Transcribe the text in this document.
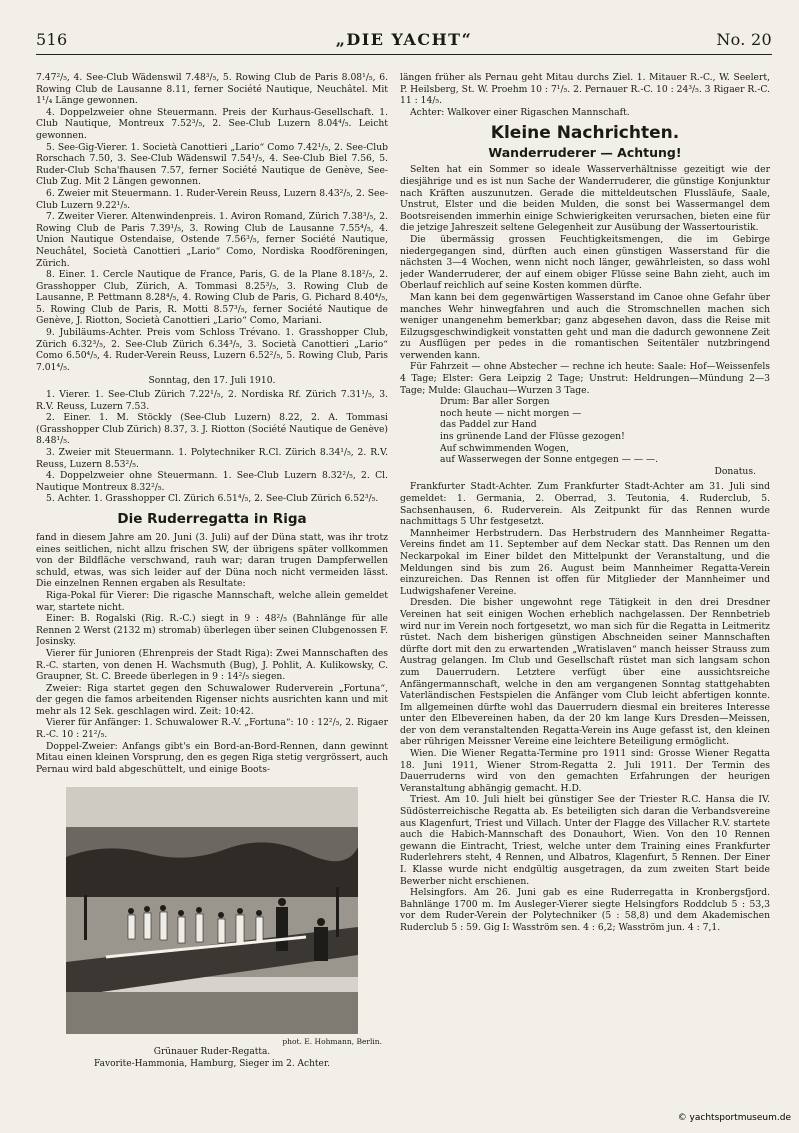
516	„DIE YACHT“	No. 20

7.47²/₅, 4. See-Club Wädenswil 7.48³/₅, 5. Rowing Club de Paris 8.08¹/₅, 6. Rowing Club de Lausanne 8.11, ferner Société Nautique, Neuchâtel. Mit 1¹/₄ Länge gewonnen.

4. Doppelzweier ohne Steuermann. Preis der Kurhaus-Gesellschaft. 1. Club Nautique, Montreux 7.52³/₅, 2. See-Club Luzern 8.04⁴/₅. Leicht gewonnen.

5. See-Gig-Vierer. 1. Società Canottieri „Lario“ Como 7.42¹/₅, 2. See-Club Rorschach 7.50, 3. See-Club Wädenswil 7.54¹/₅, 4. See-Club Biel 7.56, 5. Ruder-Club Scha'fhausen 7.57, ferner Société Nautique de Genève, See-Club Zug. Mit 2 Längen gewonnen.

6. Zweier mit Steuermann. 1. Ruder-Verein Reuss, Luzern 8.43²/₅, 2. See-Club Luzern 9.22¹/₅.

7. Zweiter Vierer. Altenwindenpreis. 1. Aviron Romand, Zürich 7.38³/₅, 2. Rowing Club de Paris 7.39¹/₅, 3. Rowing Club de Lausanne 7.55⁴/₅, 4. Union Nautique Ostendaise, Ostende 7.56³/₅, ferner Société Nautique, Neuchâtel, Società Canottieri „Lario“ Como, Nordiska Roodföreningen, Zürich.

8. Einer. 1. Cercle Nautique de France, Paris, G. de la Plane 8.18²/₅, 2. Grasshopper Club, Zürich, A. Tommasi 8.25³/₅, 3. Rowing Club de Lausanne, P. Pettmann 8.28⁴/₅, 4. Rowing Club de Paris, G. Pichard 8.40⁴/₅, 5. Rowing Club de Paris, R. Motti 8.57³/₅, ferner Société Nautique de Genève, J. Riotton, Società Canottieri „Lario“ Como, Mariani.

9. Jubiläums-Achter. Preis vom Schloss Trévano. 1. Grasshopper Club, Zürich 6.32³/₅, 2. See-Club Zürich 6.34³/₅, 3. Società Canottieri „Lario“ Como 6.50⁴/₅, 4. Ruder-Verein Reuss, Luzern 6.52²/₅, 5. Rowing Club, Paris 7.01⁴/₅.

Sonntag, den 17. Juli 1910.

1. Vierer. 1. See-Club Zürich 7.22¹/₅, 2. Nordiska Rf. Zürich 7.31¹/₅, 3. R.V. Reuss, Luzern 7.53.

2. Einer. 1. M. Stöckly (See-Club Luzern) 8.22, 2. A. Tommasi (Grasshopper Club Zürich) 8.37, 3. J. Riotton (Société Nautique de Genève) 8.48¹/₅.

3. Zweier mit Steuermann. 1. Polytechniker R.Cl. Zürich 8.34¹/₅, 2. R.V. Reuss, Luzern 8.53²/₅.

4. Doppelzweier ohne Steuermann. 1. See-Club Luzern 8.32²/₅, 2. Cl. Nautique Montreux 8.32²/₅.

5. Achter. 1. Grasshopper Cl. Zürich 6.51⁴/₅, 2. See-Club Zürich 6.52³/₅.

Die Ruderregatta in Riga

fand in diesem Jahre am 20. Juni (3. Juli) auf der Düna statt, was ihr trotz eines seitlichen, nicht allzu frischen SW, der übrigens später vollkommen von der Bildfläche verschwand, rauh war; daran trugen Dampferwellen schuld, etwas, was sich leider auf der Düna noch nicht vermeiden lässt. Die einzelnen Rennen ergaben als Resultate:

Riga-Pokal für Vierer: Die rigasche Mannschaft, welche allein gemeldet war, startete nicht.

Einer: B. Rogalski (Rig. R.-C.) siegt in 9 : 48²/₅ (Bahnlänge für alle Rennen 2 Werst (2132 m) stromab) überlegen über seinen Clubgenossen F. Josinsky.

Vierer für Junioren (Ehrenpreis der Stadt Riga): Zwei Mannschaften des R.-C. starten, von denen H. Wachsmuth (Bug), J. Pohlit, A. Kulikowsky, C. Graupner, St. C. Breede überlegen in 9 : 14²/₅ siegen.

Zweier: Riga startet gegen den Schuwalower Ruderverein „Fortuna“, der gegen die famos arbeitenden Rigenser nichts ausrichten kann und mit mehr als 12 Sek. geschlagen wird. Zeit: 10:42.

Vierer für Anfänger: 1. Schuwalower R.-V. „Fortuna“: 10 : 12²/₅, 2. Rigaer R.-C. 10 : 21²/₅.

Doppel-Zweier: Anfangs gibt's ein Bord-an-Bord-Rennen, dann gewinnt Mitau einen kleinen Vorsprung, den es gegen Riga stetig vergrössert, auch Pernau wird bald abgeschüttelt, und einige Boots-

phot. E. Hohmann, Berlin.
Grünauer Ruder-Regatta.
Favorite-Hammonia, Hamburg, Sieger im 2. Achter.

längen früher als Pernau geht Mitau durchs Ziel. 1. Mitauer R.-C., W. Seelert, P. Heilsberg, St. W. Proehm 10 : 7¹/₅. 2. Pernauer R.-C. 10 : 24³/₅. 3 Rigaer R.-C. 11 : 14/₅.

Achter: Walkover einer Rigaschen Mannschaft.

Kleine Nachrichten.
Wanderruderer — Achtung!

Selten hat ein Sommer so ideale Wasserverhältnisse gezeitigt wie der diesjährige und es ist nun Sache der Wanderruderer, die günstige Konjunktur nach Kräften auszunutzen. Gerade die mitteldeutschen Flussläufe, Saale, Unstrut, Elster und die beiden Mulden, die sonst bei Wassermangel dem Bootsreisenden immerhin einige Schwierigkeiten verursachen, bieten eine für die jetzige Jahreszeit seltene Gelegenheit zur Ausübung der Wassertouristik.

Die übermässig grossen Feuchtigkeitsmengen, die im Gebirge niedergegangen sind, dürften auch einen günstigen Wasserstand für die nächsten 3—4 Wochen, wenn nicht noch länger, gewährleisten, so dass wohl jeder Wanderruderer, der auf einem obiger Flüsse seine Bahn zieht, auch im Oberlauf reichlich auf seine Kosten kommen dürfte.

Man kann bei dem gegenwärtigen Wasserstand im Canoe ohne Gefahr über manches Wehr hinwegfahren und auch die Stromschnellen machen sich weniger unangenehm bemerkbar; ganz abgesehen davon, dass die Reise mit Eilzugsgeschwindigkeit vonstatten geht und man die dadurch gewonnene Zeit zu Ausflügen per pedes in die romantischen Seitentäler nutzbringend verwenden kann.

Für Fahrzeit — ohne Abstecher — rechne ich heute: Saale: Hof—Weissenfels 4 Tage; Elster: Gera Leipzig 2 Tage; Unstrut: Heldrungen—Mündung 2—3 Tage; Mulde: Glauchau—Wurzen 3 Tage.

Drum: Bar aller Sorgen
noch heute — nicht morgen —
das Paddel zur Hand
ins grünende Land der Flüsse gezogen!
Auf schwimmenden Wogen,
auf Wasserwegen der Sonne entgegen — — —.
Donatus.

Frankfurter Stadt-Achter. Zum Frankfurter Stadt-Achter am 31. Juli sind gemeldet: 1. Germania, 2. Oberrad, 3. Teutonia, 4. Ruderclub, 5. Sachsenhausen, 6. Ruderverein. Als Zeitpunkt für das Rennen wurde nachmittags 5 Uhr festgesetzt.

Mannheimer Herbstrudern. Das Herbstrudern des Mannheimer Regatta-Vereins findet am 11. September auf dem Neckar statt. Das Rennen um den Neckarpokal im Einer bildet den Mittelpunkt der Veranstaltung, und die Meldungen sind bis zum 26. August beim Mannheimer Regatta-Verein einzureichen. Das Rennen ist offen für Mitglieder der Mannheimer und Ludwigshafener Vereine.

Dresden. Die bisher ungewohnt rege Tätigkeit in den drei Dresdner Vereinen hat seit einigen Wochen erheblich nachgelassen. Der Rennbetrieb wird nur im Verein noch fortgesetzt, wo man sich für die Regatta in Leitmeritz rüstet. Nach dem bisherigen günstigen Abschneiden seiner Mannschaften dürfte dort mit den zu erwartenden „Wratislaven“ manch heisser Strauss zum Austrag gelangen. Im Club und Gesellschaft rüstet man sich langsam schon zum Dauerrudern. Letztere verfügt über eine aussichtsreiche Anfängermannschaft, welche in den am vergangenen Sonntag stattgehabten Vaterländischen Festspielen die Anfänger vom Club leicht abfertigen konnte. Im allgemeinen dürfte wohl das Dauerrudern diesmal ein breiteres Interesse unter den Elbevereinen haben, da der 20 km lange Kurs Dresden—Meissen, der von dem veranstaltenden Regatta-Verein ins Auge gefasst ist, den kleinen aber rührigen Meissner Vereine eine leichtere Beteiligung ermöglicht.

Wien. Die Wiener Regatta-Termine pro 1911 sind: Grosse Wiener Regatta 18. Juni 1911, Wiener Strom-Regatta 2. Juli 1911. Der Termin des Dauerruderns wird von den gemachten Erfahrungen der heurigen Veranstaltung abhängig gemacht. H.D.

Triest. Am 10. Juli hielt bei günstiger See der Triester R.C. Hansa die IV. Südösterreichische Regatta ab. Es beteiligten sich daran die Verbandsvereine aus Klagenfurt, Triest und Villach. Unter der Flagge des Villacher R.V. startete auch die Habich-Mannschaft des Donauhort, Wien. Von den 10 Rennen gewann die Eintracht, Triest, welche unter dem Training eines Frankfurter Ruderlehrers steht, 4 Rennen, und Albatros, Klagenfurt, 5 Rennen. Der Einer I. Klasse wurde nicht endgültig ausgetragen, da zum zweiten Start beide Bewerber nicht erschienen.

Helsingfors. Am 26. Juni gab es eine Ruderregatta in Kronbergsfjord. Bahnlänge 1700 m. Im Ausleger-Vierer siegte Helsingfors Roddclub 5 : 53,3 vor dem Ruder-Verein der Polytechniker (5 : 58,8) und dem Akademischen Ruderclub 5 : 59. Gig I: Wasström sen. 4 : 6,2; Wasström jun. 4 : 7,1.

© yachtsportmuseum.de
